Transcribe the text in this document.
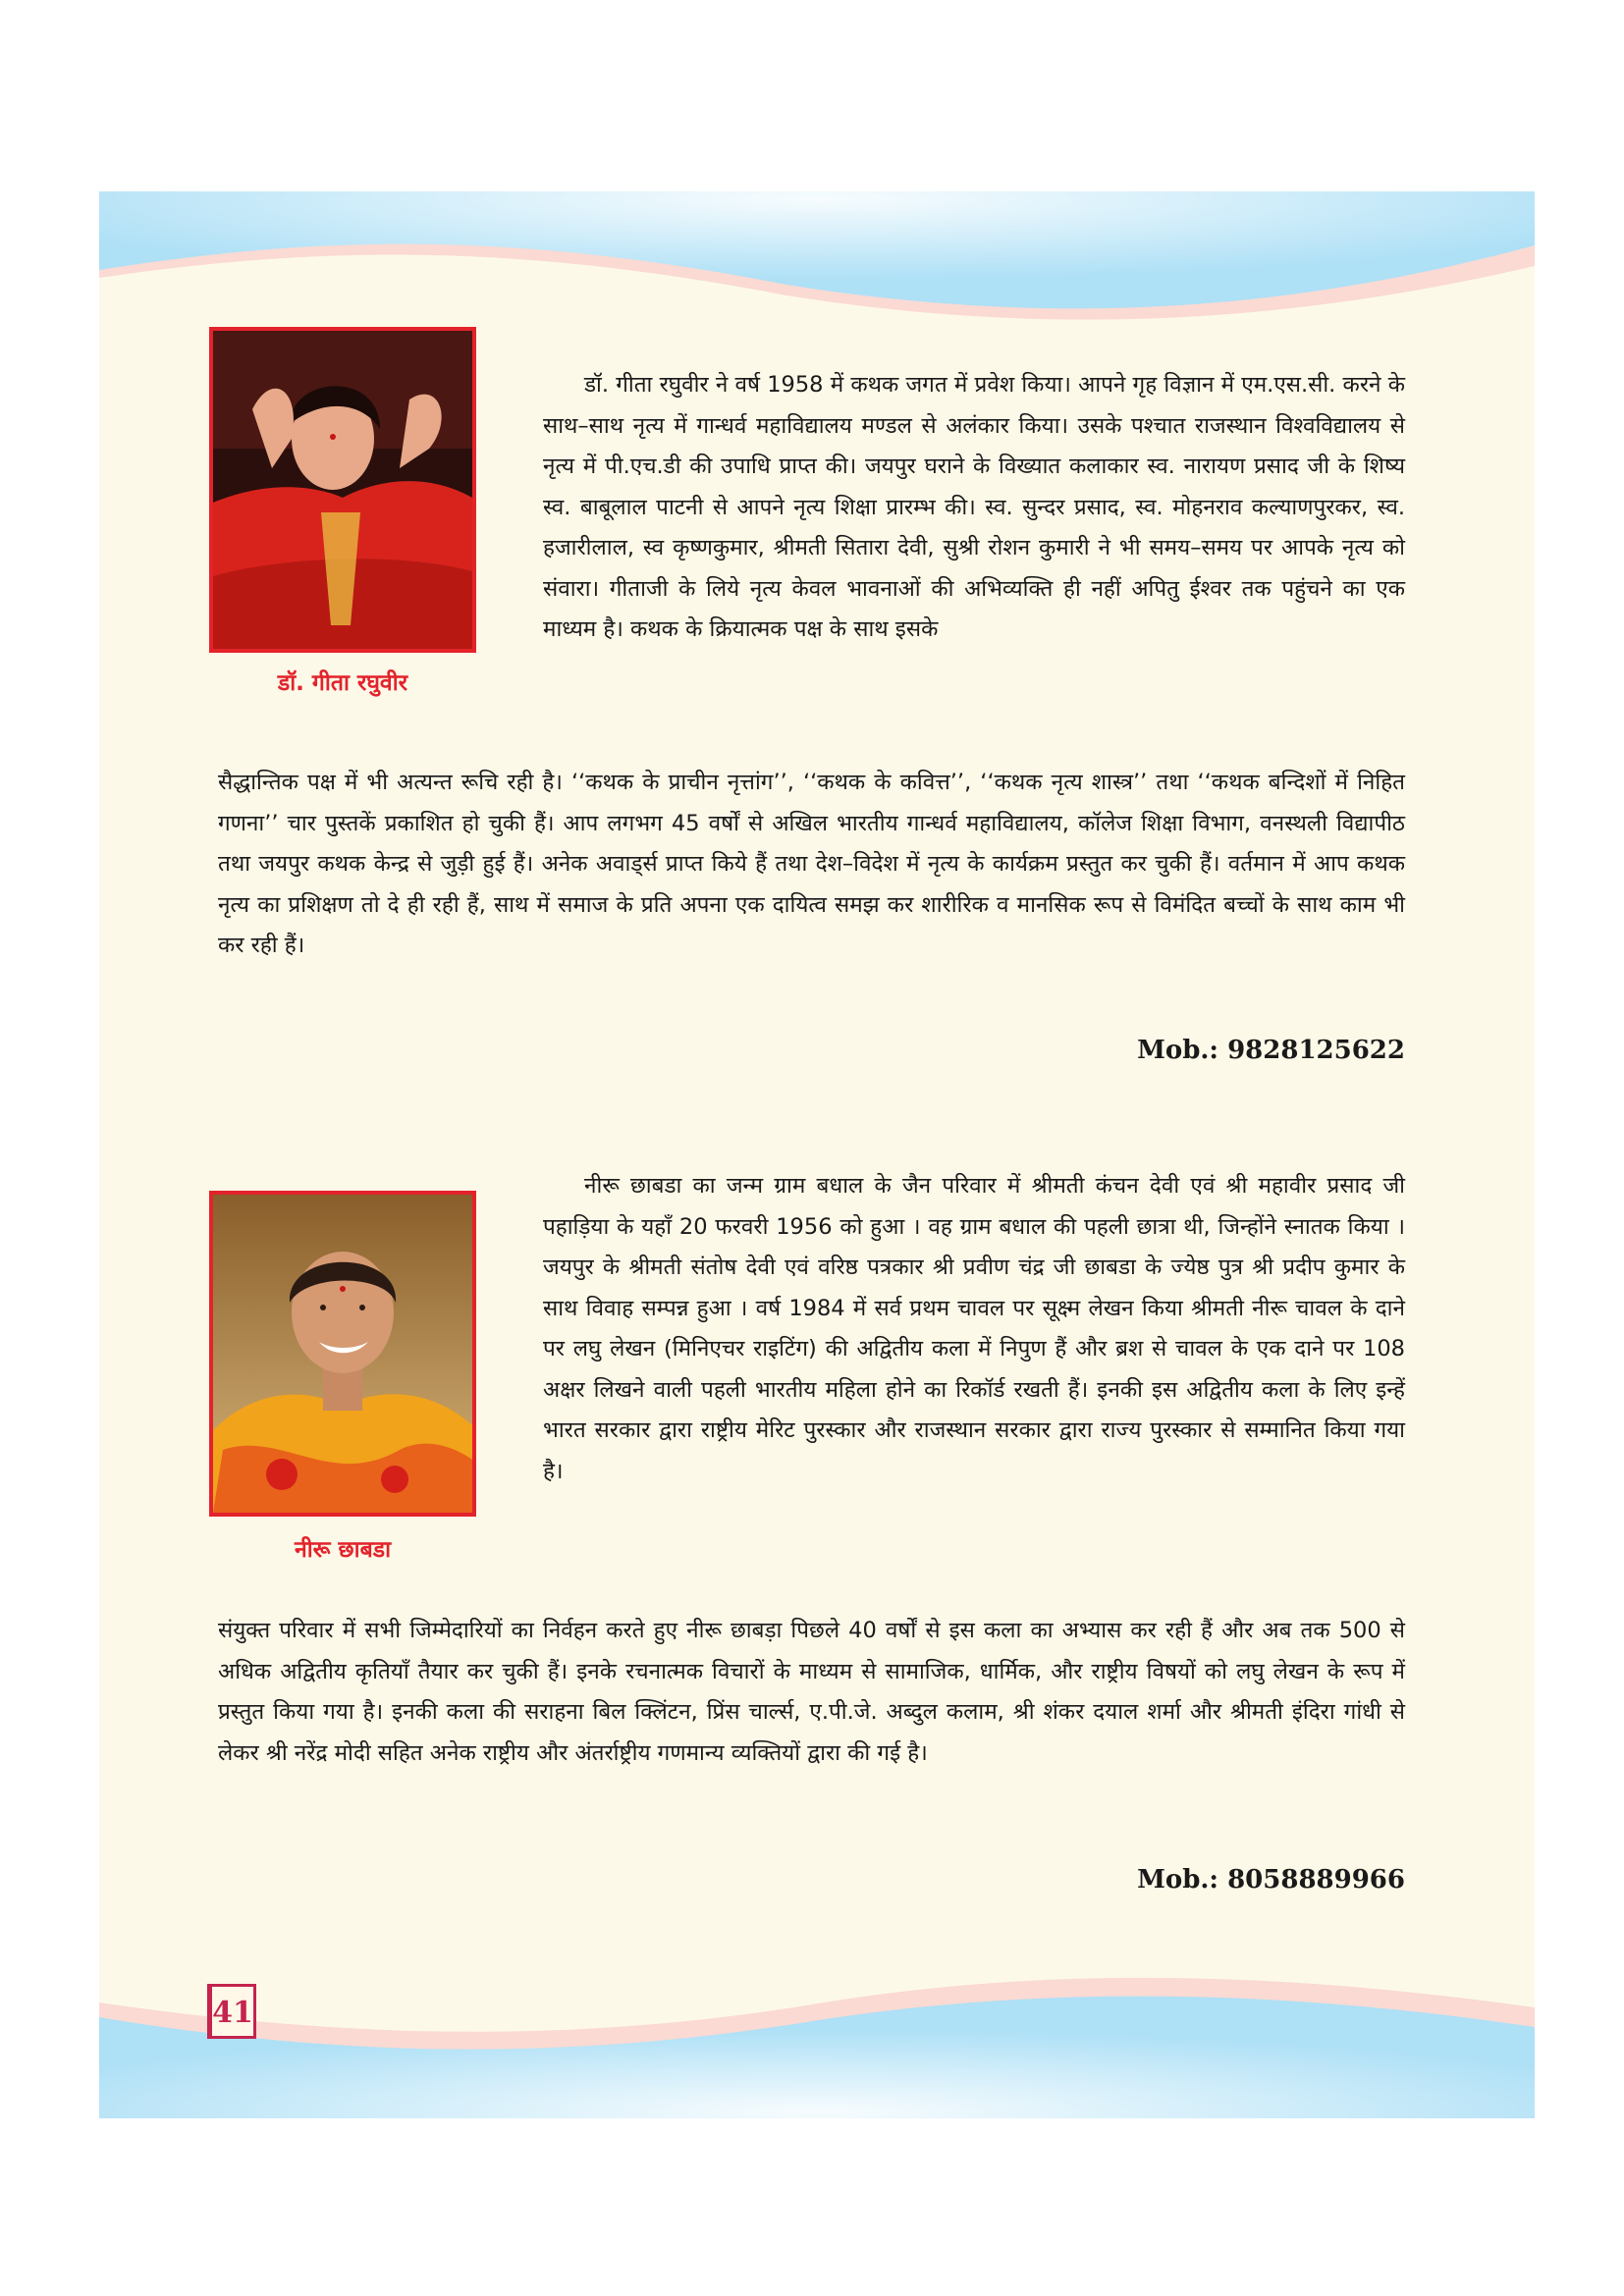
डॉ. गीता रघुवीर

डॉ. गीता रघुवीर ने वर्ष 1958 में कथक जगत में प्रवेश किया। आपने गृह विज्ञान में एम.एस.सी. करने के साथ–साथ नृत्य में गान्धर्व महाविद्यालय मण्डल से अलंकार किया। उसके पश्चात राजस्थान विश्वविद्यालय से नृत्य में पी.एच.डी की उपाधि प्राप्त की। जयपुर घराने के विख्यात कलाकार स्व. नारायण प्रसाद जी के शिष्य स्व. बाबूलाल पाटनी से आपने नृत्य शिक्षा प्रारम्भ की। स्व. सुन्दर प्रसाद, स्व. मोहनराव कल्याणपुरकर, स्व. हजारीलाल, स्व कृष्णकुमार, श्रीमती सितारा देवी, सुश्री रोशन कुमारी ने भी समय–समय पर आपके नृत्य को संवारा। गीताजी के लिये नृत्य केवल भावनाओं की अभिव्यक्ति ही नहीं अपितु ईश्वर तक पहुंचने का एक माध्यम है। कथक के क्रियात्मक पक्ष के साथ इसके

सैद्धान्तिक पक्ष में भी अत्यन्त रूचि रही है। ‘‘कथक के प्राचीन नृत्तांग’’, ‘‘कथक के कवित्त’’, ‘‘कथक नृत्य शास्त्र’’ तथा ‘‘कथक बन्दिशों में निहित गणना’’ चार पुस्तकें प्रकाशित हो चुकी हैं। आप लगभग 45 वर्षों से अखिल भारतीय गान्धर्व महाविद्यालय, कॉलेज शिक्षा विभाग, वनस्थली विद्यापीठ तथा जयपुर कथक केन्द्र से जुड़ी हुई हैं। अनेक अवाड्‌र्स प्राप्त किये हैं तथा देश–विदेश में नृत्य के कार्यक्रम प्रस्तुत कर चुकी हैं। वर्तमान में आप कथक नृत्य का प्रशिक्षण तो दे ही रही हैं, साथ में समाज के प्रति अपना एक दायित्व समझ कर शारीरिक व मानसिक रूप से विमंदित बच्चों के साथ काम भी कर रही हैं।

Mob.: 9828125622
नीरू छाबडा

नीरू छाबडा का जन्म ग्राम बधाल के जैन परिवार में श्रीमती कंचन देवी एवं श्री महावीर प्रसाद जी पहाड़िया के यहाँ 20 फरवरी 1956 को हुआ । वह ग्राम बधाल की पहली छात्रा थी, जिन्होंने स्नातक किया । जयपुर के श्रीमती संतोष देवी एवं वरिष्ठ पत्रकार श्री प्रवीण चंद्र जी छाबडा के ज्येष्ठ पुत्र श्री प्रदीप कुमार के साथ विवाह सम्पन्न हुआ । वर्ष 1984 में सर्व प्रथम चावल पर सूक्ष्म लेखन किया श्रीमती नीरू चावल के दाने पर लघु लेखन (मिनिएचर राइटिंग) की अद्वितीय कला में निपुण हैं और ब्रश से चावल के एक दाने पर 108 अक्षर लिखने वाली पहली भारतीय महिला होने का रिकॉर्ड रखती हैं। इनकी इस अद्वितीय कला के लिए इन्हें भारत सरकार द्वारा राष्ट्रीय मेरिट पुरस्कार और राजस्थान सरकार द्वारा राज्य पुरस्कार से सम्मानित किया गया है।

संयुक्त परिवार में सभी जिम्मेदारियों का निर्वहन करते हुए नीरू छाबड़ा पिछले 40 वर्षों से इस कला का अभ्यास कर रही हैं और अब तक 500 से अधिक अद्वितीय कृतियाँ तैयार कर चुकी हैं। इनके रचनात्मक विचारों के माध्यम से सामाजिक, धार्मिक, और राष्ट्रीय विषयों को लघु लेखन के रूप में प्रस्तुत किया गया है। इनकी कला की सराहना बिल क्लिंटन, प्रिंस चार्ल्स, ए.पी.जे. अब्दुल कलाम, श्री शंकर दयाल शर्मा और श्रीमती इंदिरा गांधी से लेकर श्री नरेंद्र मोदी सहित अनेक राष्ट्रीय और अंतर्राष्ट्रीय गणमान्य व्यक्तियों द्वारा की गई है।

Mob.: 8058889966
41
